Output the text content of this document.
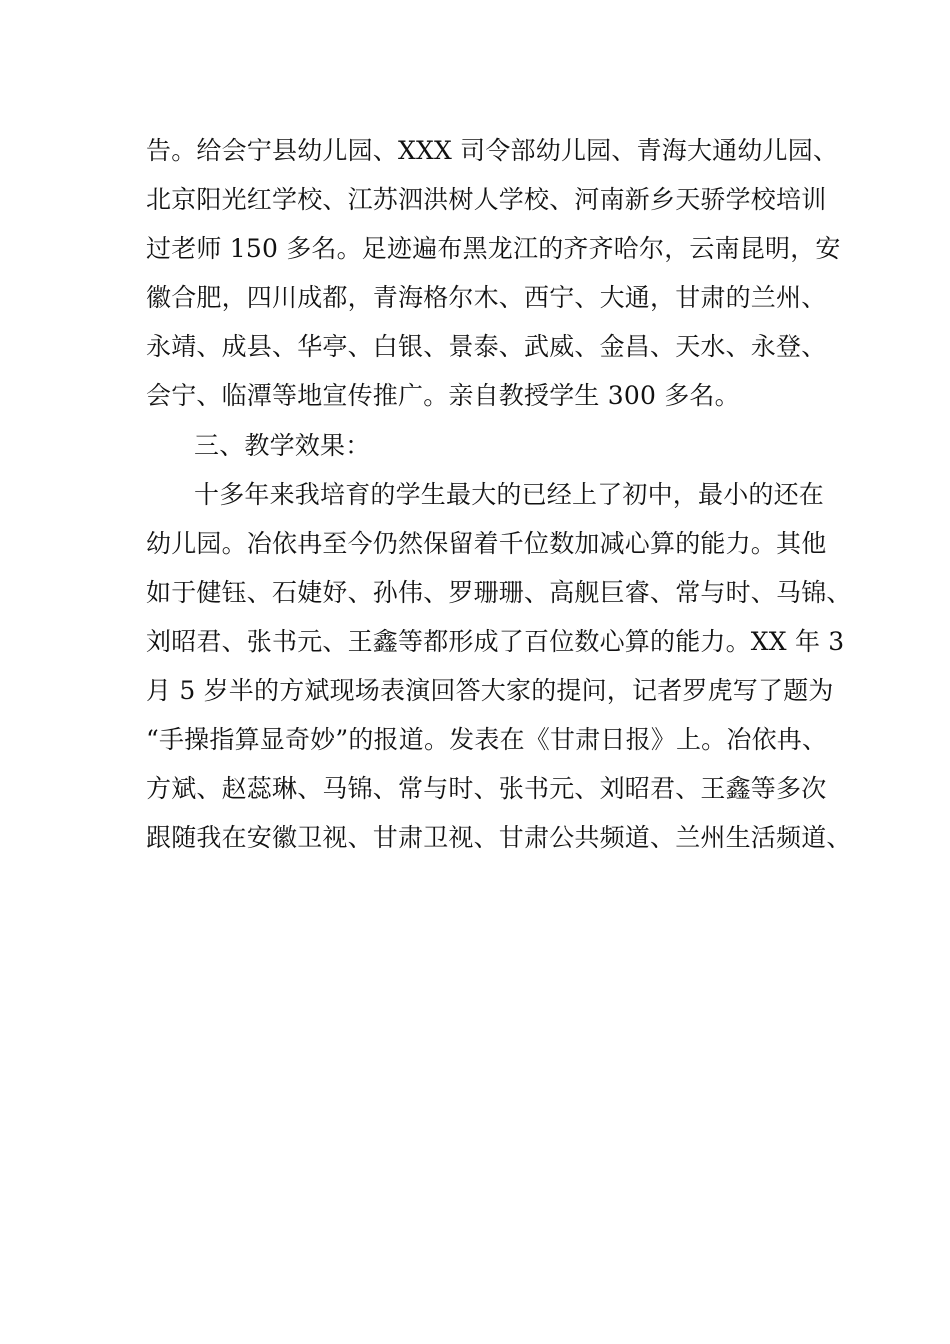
告。给会宁县幼儿园、XXX 司令部幼儿园、青海大通幼儿园、
北京阳光红学校、江苏泗洪树人学校、河南新乡天骄学校培训
过老师 150 多名。足迹遍布黑龙江的齐齐哈尔，云南昆明，安
徽合肥，四川成都，青海格尔木、西宁、大通，甘肃的兰州、
永靖、成县、华亭、白银、景泰、武威、金昌、天水、永登、
会宁、临潭等地宣传推广。亲自教授学生 300 多名。
三、教学效果：
十多年来我培育的学生最大的已经上了初中，最小的还在
幼儿园。冶依冉至今仍然保留着千位数加减心算的能力。其他
如于健钰、石婕妤、孙伟、罗珊珊、高舰巨睿、常与时、马锦、
刘昭君、张书元、王鑫等都形成了百位数心算的能力。XX 年 3
月 5 岁半的方斌现场表演回答大家的提问，记者罗虎写了题为
“手操指算显奇妙”的报道。发表在《甘肃日报》上。冶依冉、
方斌、赵蕊琳、马锦、常与时、张书元、刘昭君、王鑫等多次
跟随我在安徽卫视、甘肃卫视、甘肃公共频道、兰州生活频道、
